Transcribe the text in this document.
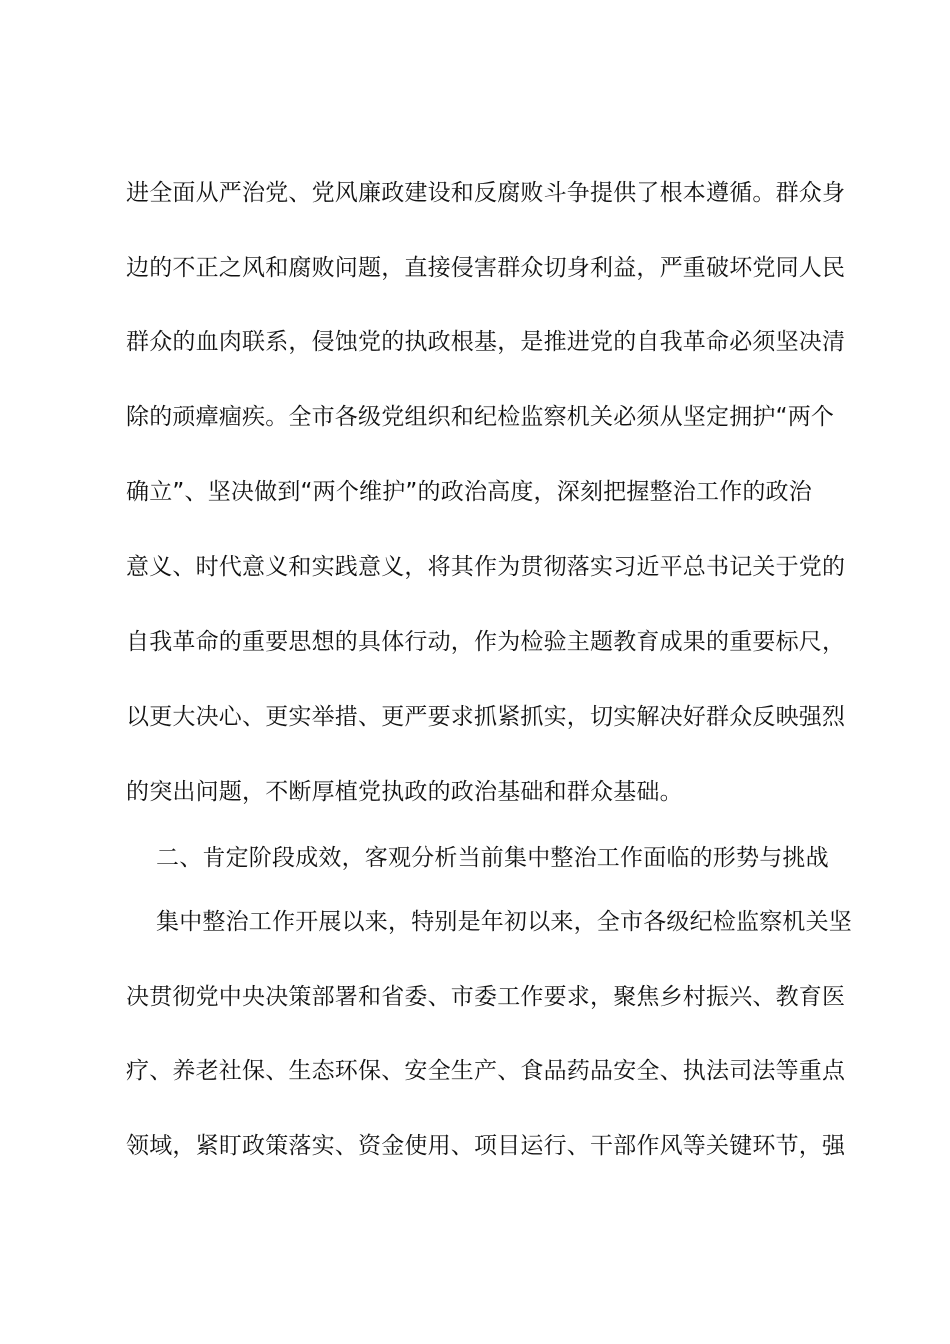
进全面从严治党、党风廉政建设和反腐败斗争提供了根本遵循。群众身
边的不正之风和腐败问题，直接侵害群众切身利益，严重破坏党同人民
群众的血肉联系，侵蚀党的执政根基，是推进党的自我革命必须坚决清
除的顽瘴痼疾。全市各级党组织和纪检监察机关必须从坚定拥护“两个
确立”、坚决做到“两个维护”的政治高度，深刻把握整治工作的政治
意义、时代意义和实践意义，将其作为贯彻落实习近平总书记关于党的
自我革命的重要思想的具体行动，作为检验主题教育成果的重要标尺，
以更大决心、更实举措、更严要求抓紧抓实，切实解决好群众反映强烈
的突出问题，不断厚植党执政的政治基础和群众基础。
二、肯定阶段成效，客观分析当前集中整治工作面临的形势与挑战
集中整治工作开展以来，特别是年初以来，全市各级纪检监察机关坚
决贯彻党中央决策部署和省委、市委工作要求，聚焦乡村振兴、教育医
疗、养老社保、生态环保、安全生产、食品药品安全、执法司法等重点
领域，紧盯政策落实、资金使用、项目运行、干部作风等关键环节，强
